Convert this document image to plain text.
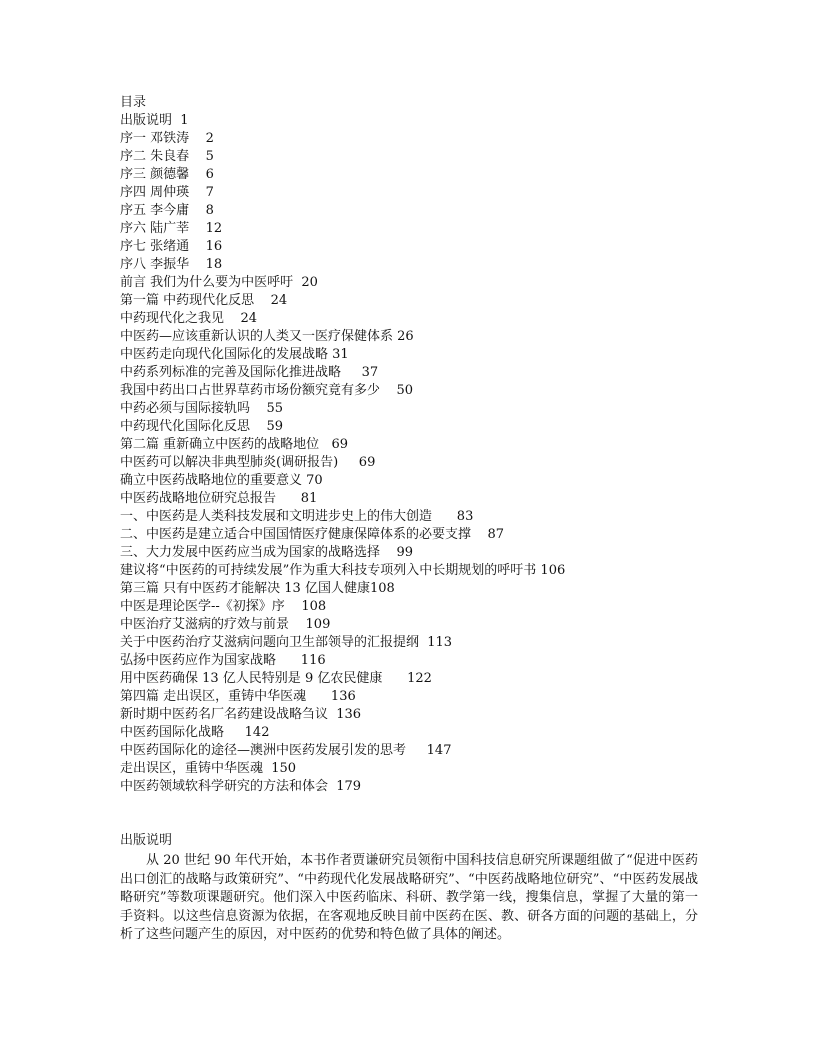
目录
出版说明  1
序一 邓铁涛    2
序二 朱良春    5
序三 颜德馨    6
序四 周仲瑛    7
序五 李今庸    8
序六 陆广莘    12
序七 张绪通    16
序八 李振华    18
前言 我们为什么要为中医呼吁  20
第一篇 中药现代化反思    24
中药现代化之我见    24
中医药—应该重新认识的人类又一医疗保健体系 26
中医药走向现代化国际化的发展战略 31
中药系列标准的完善及国际化推进战略     37
我国中药出口占世界草药市场份额究竟有多少    50
中药必须与国际接轨吗    55
中药现代化国际化反思    59
第二篇 重新确立中医药的战略地位   69
中医药可以解决非典型肺炎(调研报告)     69
确立中医药战略地位的重要意义 70
中医药战略地位研究总报告      81
一、中医药是人类科技发展和文明进步史上的伟大创造      83
二、中医药是建立适合中国国情医疗健康保障体系的必要支撑    87
三、大力发展中医药应当成为国家的战略选择    99
建议将“中医药的可持续发展”作为重大科技专项列入中长期规划的呼吁书 106
第三篇 只有中医药才能解决 13 亿国人健康108
中医是理论医学--《初探》序    108
中医治疗艾滋病的疗效与前景    109
关于中医药治疗艾滋病问题向卫生部领导的汇报提纲  113
弘扬中医药应作为国家战略      116
用中医药确保 13 亿人民特别是 9 亿农民健康      122
第四篇 走出误区，重铸中华医魂      136
新时期中医药名厂名药建设战略刍议  136
中医药国际化战略     142
中医药国际化的途径—澳洲中医药发展引发的思考     147
走出误区，重铸中华医魂  150
中医药领域软科学研究的方法和体会  179
出版说明

从 20 世纪 90 年代开始，本书作者贾谦研究员领衔中国科技信息研究所课题组做了“促进中医药出口创汇的战略与政策研究”、“中药现代化发展战略研究”、“中医药战略地位研究”、“中医药发展战略研究”等数项课题研究。他们深入中医药临床、科研、教学第一线，搜集信息，掌握了大量的第一手资料。以这些信息资源为依据，在客观地反映目前中医药在医、教、研各方面的问题的基础上，分析了这些问题产生的原因，对中医药的优势和特色做了具体的阐述。
